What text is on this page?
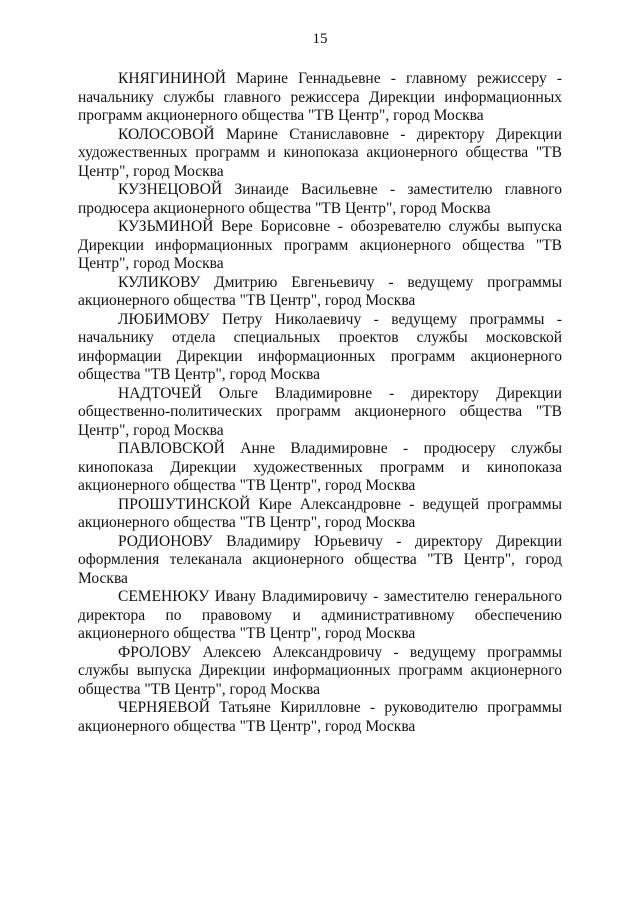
15

КНЯГИНИНОЙ Марине Геннадьевне - главному режиссеру - начальнику службы главного режиссера Дирекции информационных программ акционерного общества "ТВ Центр", город Москва

КОЛОСОВОЙ Марине Станиславовне - директору Дирекции художественных программ и кинопоказа акционерного общества "ТВ Центр", город Москва

КУЗНЕЦОВОЙ Зинаиде Васильевне - заместителю главного продюсера акционерного общества "ТВ Центр", город Москва

КУЗЬМИНОЙ Вере Борисовне - обозревателю службы выпуска Дирекции информационных программ акционерного общества "ТВ Центр", город Москва

КУЛИКОВУ Дмитрию Евгеньевичу - ведущему программы акционерного общества "ТВ Центр", город Москва

ЛЮБИМОВУ Петру Николаевичу - ведущему программы - начальнику отдела специальных проектов службы московской информации Дирекции информационных программ акционерного общества "ТВ Центр", город Москва

НАДТОЧЕЙ Ольге Владимировне - директору Дирекции общественно-политических программ акционерного общества "ТВ Центр", город Москва

ПАВЛОВСКОЙ Анне Владимировне - продюсеру службы кинопоказа Дирекции художественных программ и кинопоказа акционерного общества "ТВ Центр", город Москва

ПРОШУТИНСКОЙ Кире Александровне - ведущей программы акционерного общества "ТВ Центр", город Москва

РОДИОНОВУ Владимиру Юрьевичу - директору Дирекции оформления телеканала акционерного общества "ТВ Центр", город Москва

СЕМЕНЮКУ Ивану Владимировичу - заместителю генерального директора по правовому и административному обеспечению акционерного общества "ТВ Центр", город Москва

ФРОЛОВУ Алексею Александровичу - ведущему программы службы выпуска Дирекции информационных программ акционерного общества "ТВ Центр", город Москва

ЧЕРНЯЕВОЙ Татьяне Кирилловне - руководителю программы акционерного общества "ТВ Центр", город Москва
